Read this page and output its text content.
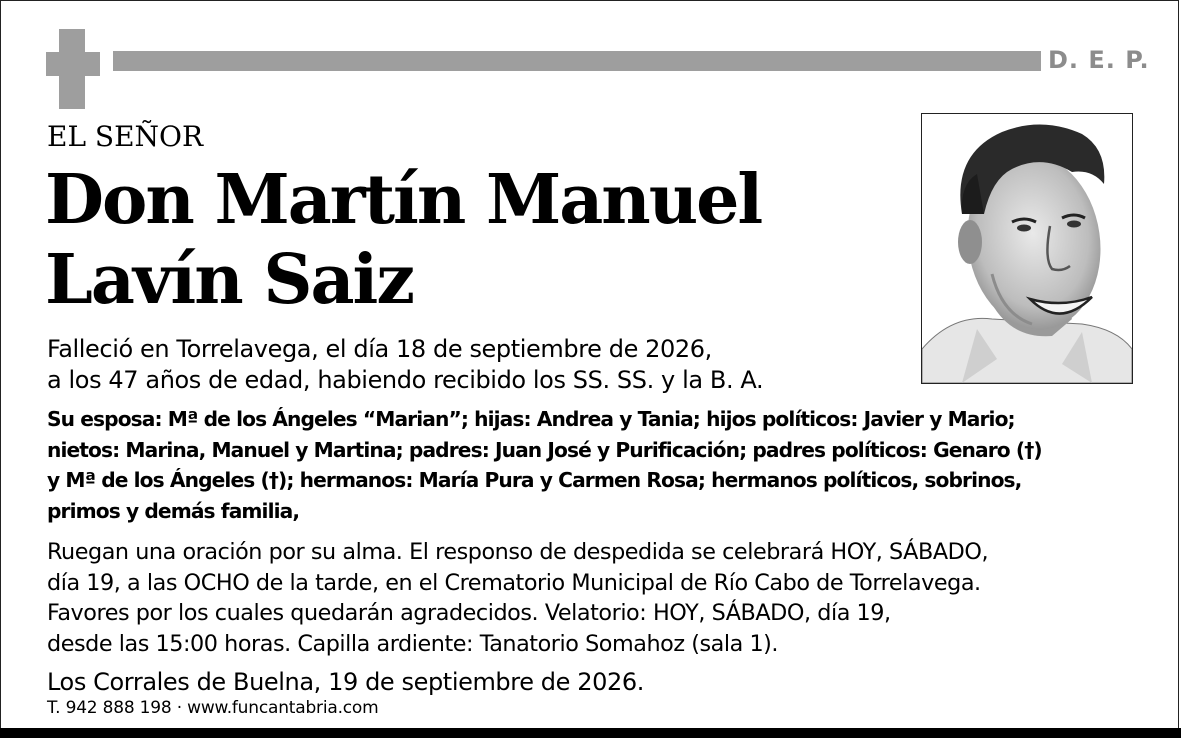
D. E. P.
EL SEÑOR
Don Martín Manuel
Lavín Saiz
Falleció en Torrelavega, el día 18 de septiembre de 2026,
a los 47 años de edad, habiendo recibido los SS. SS. y la B. A.
Su esposa: Mª de los Ángeles “Marian”; hijas: Andrea y Tania; hijos políticos: Javier y Mario;
nietos: Marina, Manuel y Martina; padres: Juan José y Purificación; padres políticos: Genaro (†)
y Mª de los Ángeles (†); hermanos: María Pura y Carmen Rosa; hermanos políticos, sobrinos,
primos y demás familia,
Ruegan una oración por su alma. El responso de despedida se celebrará HOY, SÁBADO,
día 19, a las OCHO de la tarde, en el Crematorio Municipal de Río Cabo de Torrelavega.
Favores por los cuales quedarán agradecidos. Velatorio: HOY, SÁBADO, día 19,
desde las 15:00 horas. Capilla ardiente: Tanatorio Somahoz (sala 1).
Los Corrales de Buelna, 19 de septiembre de 2026.
T. 942 888 198 · www.funcantabria.com
